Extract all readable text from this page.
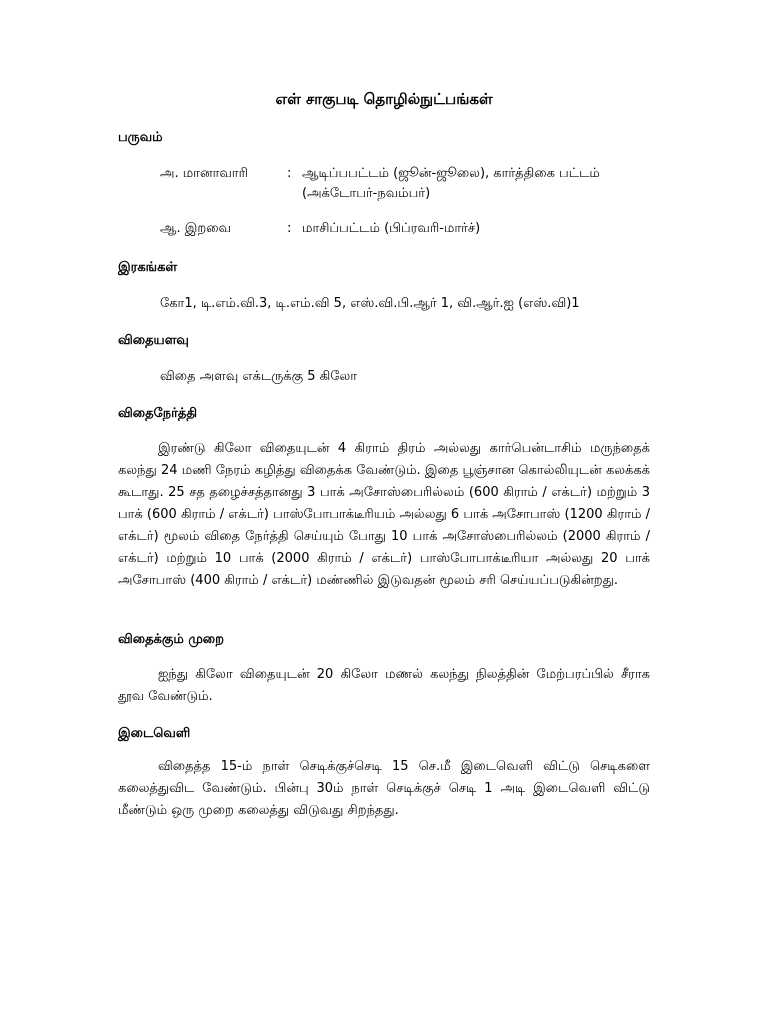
எள் சாகுபடி தொழில்நுட்பங்கள்
பருவம்
அ. மானாவாரி	: ஆடிப்பபட்டம் (ஜூன்-ஜூலை), கார்த்திகை பட்டம் (அக்டோபர்-நவம்பர்)
ஆ. இறவை	: மாசிப்பட்டம் (பிப்ரவரி-மார்ச்)
இரகங்கள்
கோ1, டி.எம்.வி.3, டி.எம்.வி 5, எஸ்.வி.பி.ஆர் 1, வி.ஆர்.ஐ (எஸ்.வி)1
விதையளவு
விதை அளவு எக்டருக்கு 5 கிலோ
விதைநேர்த்தி
இரண்டு கிலோ விதையுடன் 4 கிராம் திரம் அல்லது கார்பென்டாசிம் மருந்தைக் கலந்து 24 மணி நேரம் கழித்து விதைக்க வேண்டும். இதை பூஞ்சான கொல்லியுடன் கலக்கக் கூடாது. 25 சத தழைச்சத்தானது 3 பாக் அசோஸ்பைரில்லம் (600 கிராம் / எக்டர்) மற்றும் 3 பாக் (600 கிராம் / எக்டர்) பாஸ்போபாக்டீரியம் அல்லது 6 பாக் அசோபாஸ் (1200 கிராம் / எக்டர்) மூலம் விதை நேர்த்தி செய்யும் போது 10 பாக் அசோஸ்பைரில்லம் (2000 கிராம் / எக்டர்) மற்றும் 10 பாக் (2000 கிராம் / எக்டர்) பாஸ்போபாக்டீரியா அல்லது 20 பாக் அசோபாஸ் (400 கிராம் / எக்டர்) மண்ணில் இடுவதன் மூலம் சரி செய்யப்படுகின்றது.
விதைக்கும் முறை
ஐந்து கிலோ விதையுடன் 20 கிலோ மணல் கலந்து நிலத்தின் மேற்பரப்பில் சீராக தூவ வேண்டும்.
இடைவெளி
விதைத்த 15-ம் நாள் செடிக்குச்செடி 15 செ.மீ இடைவெளி விட்டு செடிகளை கலைத்துவிட வேண்டும். பின்பு 30ம் நாள் செடிக்குச் செடி 1 அடி இடைவெளி விட்டு மீண்டும் ஒரு முறை கலைத்து விடுவது சிறந்தது.
